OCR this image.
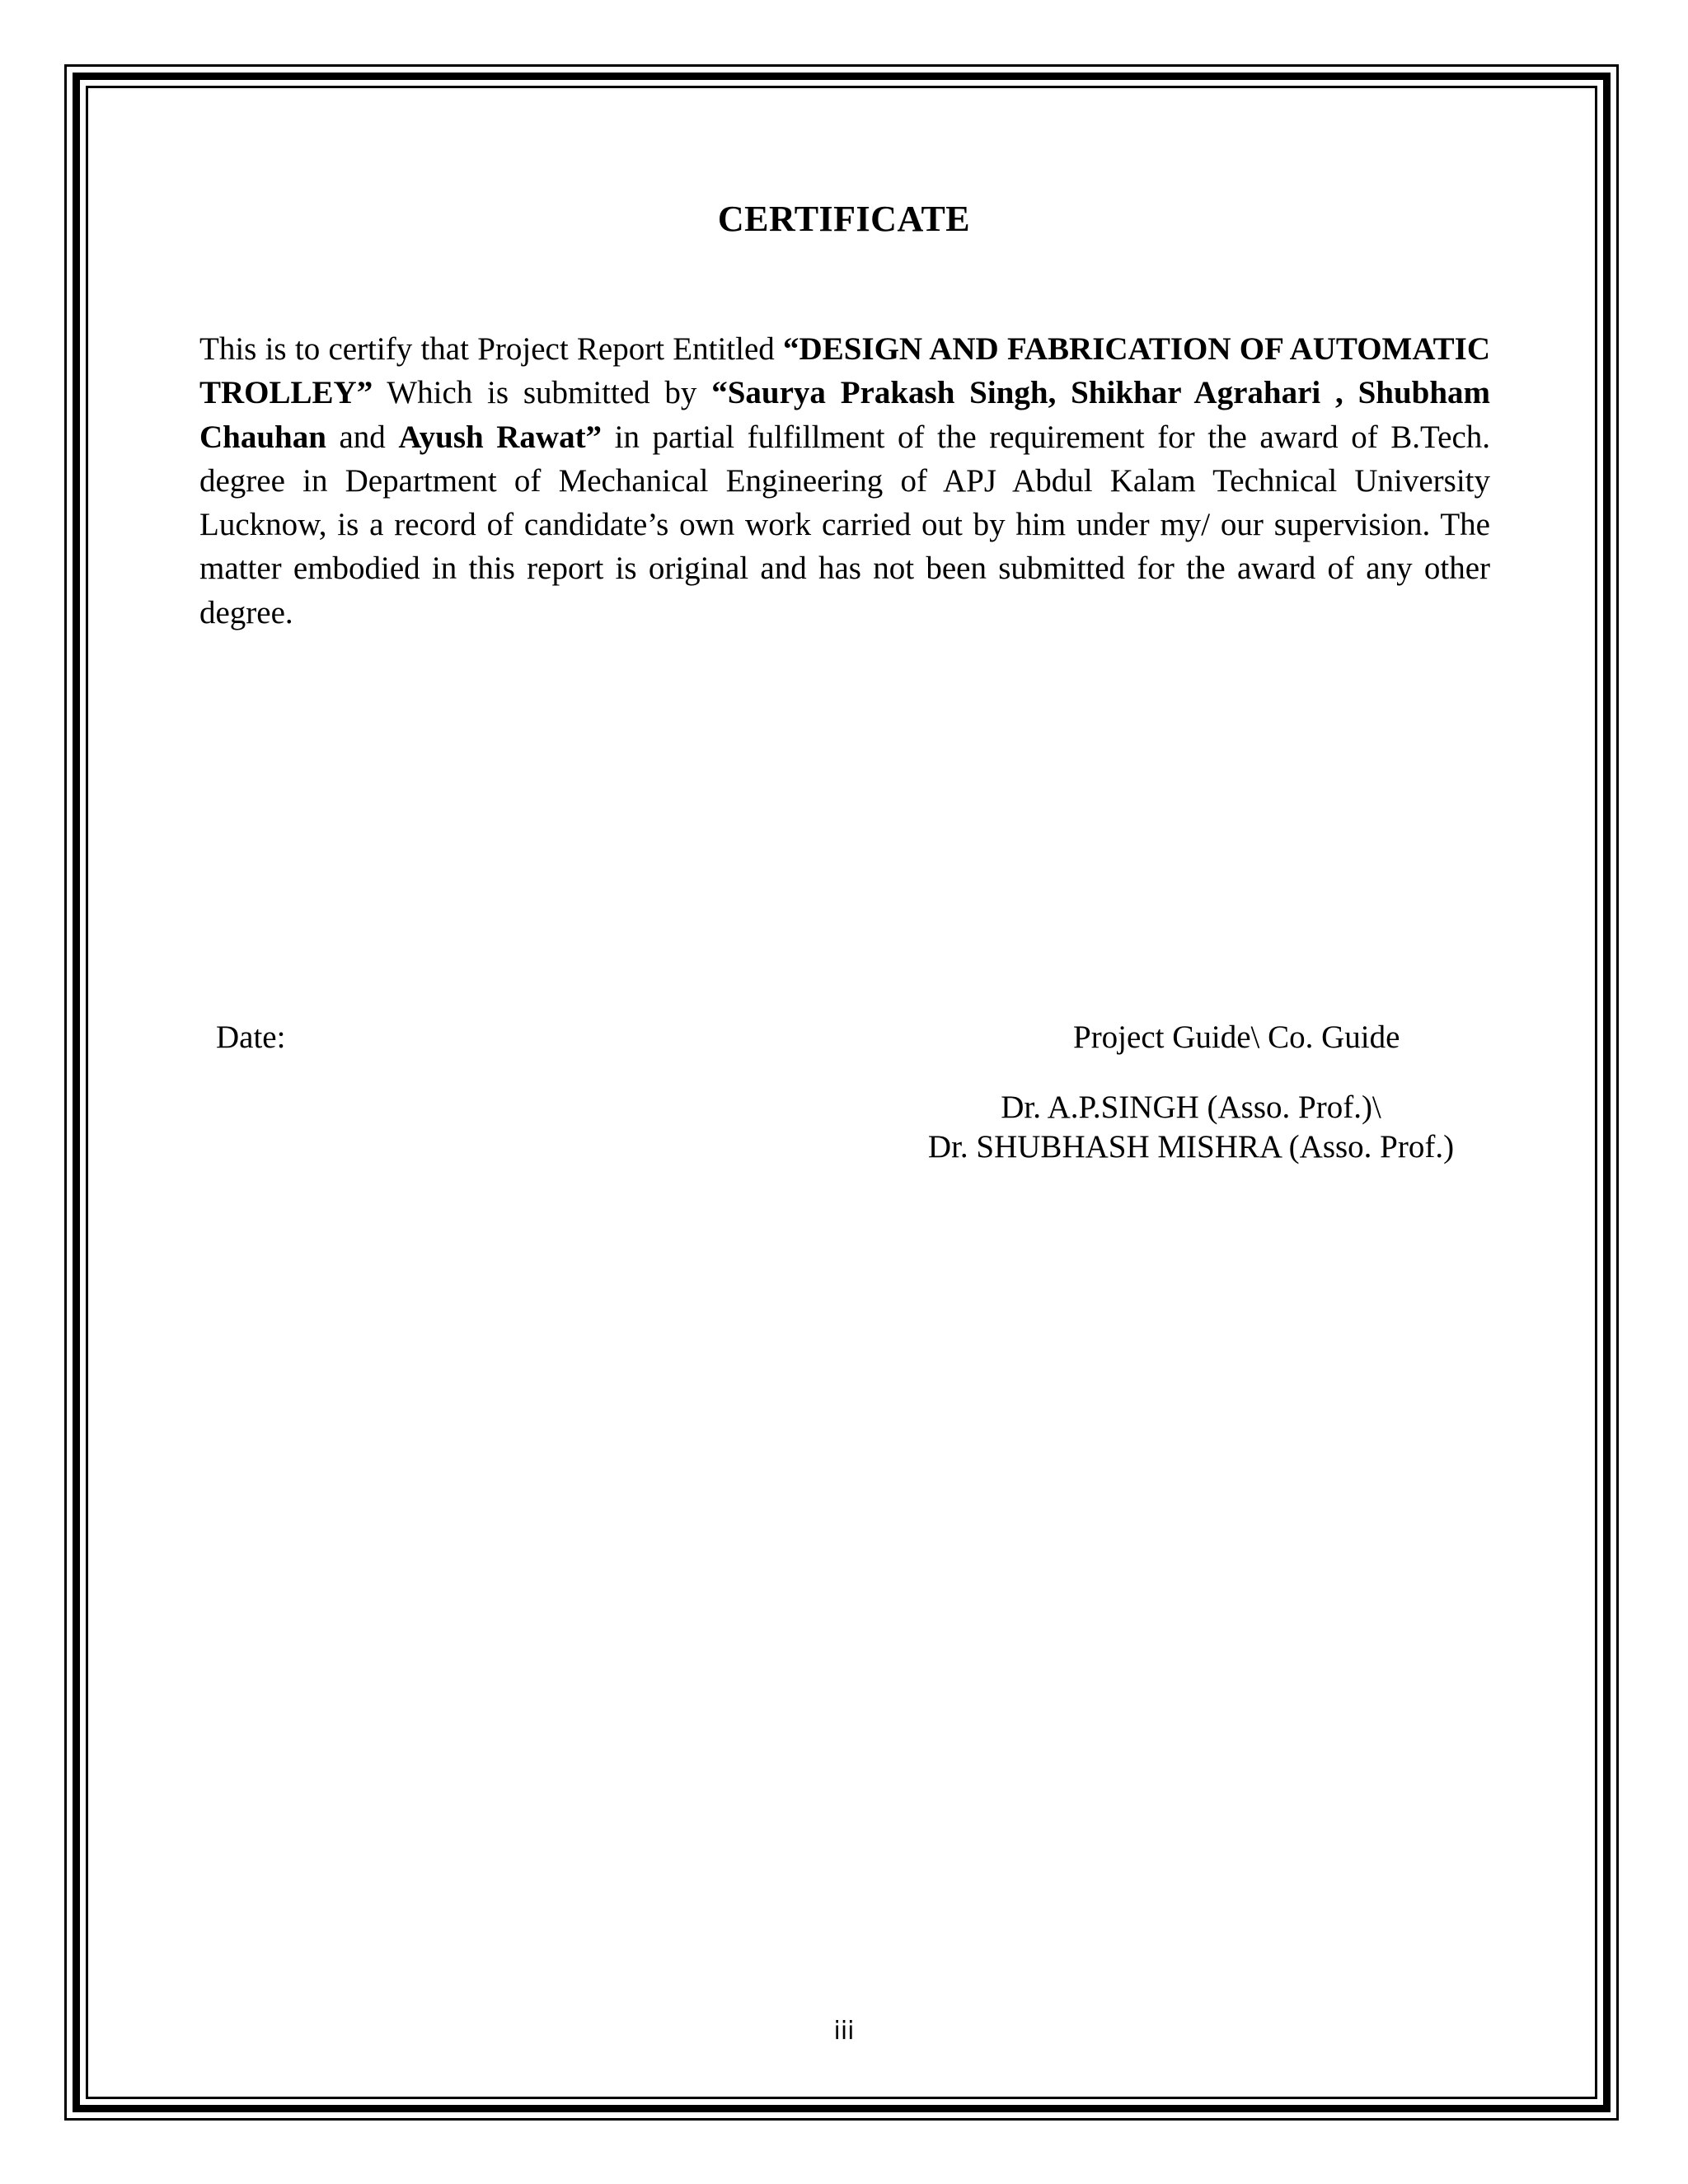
CERTIFICATE
This is to certify that Project Report Entitled “DESIGN AND FABRICATION OF AUTOMATIC TROLLEY” Which is submitted by “Saurya Prakash Singh, Shikhar Agrahari , Shubham Chauhan and Ayush Rawat” in partial fulfillment of the requirement for the award of B.Tech. degree in Department of Mechanical Engineering of APJ Abdul Kalam Technical University Lucknow, is a record of candidate’s own work carried out by him under my/ our supervision. The matter embodied in this report is original and has not been submitted for the award of any other degree.
Date:	Project Guide\ Co. Guide
Dr. A.P.SINGH (Asso. Prof.)\
Dr. SHUBHASH MISHRA (Asso. Prof.)
iii
